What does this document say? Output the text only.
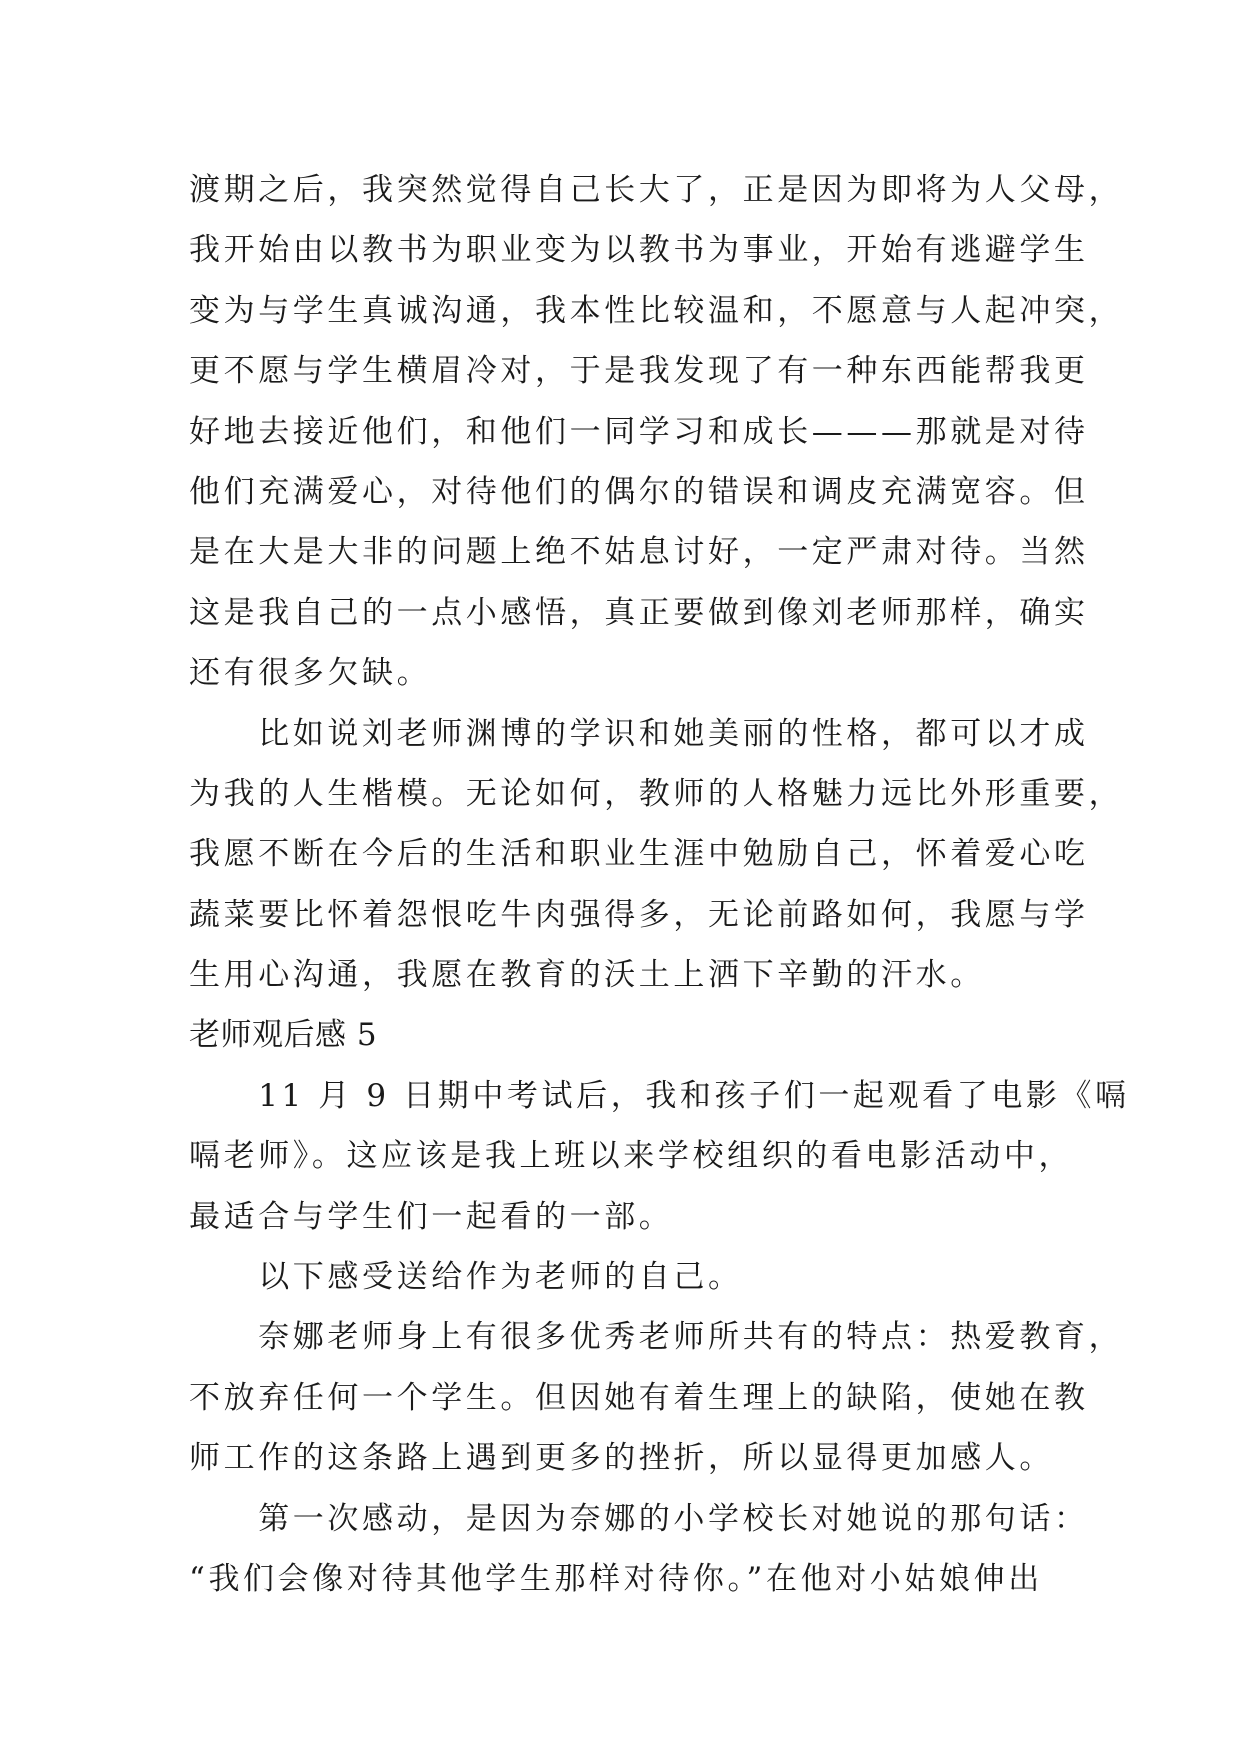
渡期之后，我突然觉得自己长大了，正是因为即将为人父母，
我开始由以教书为职业变为以教书为事业，开始有逃避学生
变为与学生真诚沟通，我本性比较温和，不愿意与人起冲突，
更不愿与学生横眉冷对，于是我发现了有一种东西能帮我更
好地去接近他们，和他们一同学习和成长———那就是对待
他们充满爱心，对待他们的偶尔的错误和调皮充满宽容。但
是在大是大非的问题上绝不姑息讨好，一定严肃对待。当然
这是我自己的一点小感悟，真正要做到像刘老师那样，确实
还有很多欠缺。
　　比如说刘老师渊博的学识和她美丽的性格，都可以才成
为我的人生楷模。无论如何，教师的人格魅力远比外形重要，
我愿不断在今后的生活和职业生涯中勉励自己，怀着爱心吃
蔬菜要比怀着怨恨吃牛肉强得多，无论前路如何，我愿与学
生用心沟通，我愿在教育的沃土上洒下辛勤的汗水。
老师观后感 5
　　11 月 9 日期中考试后，我和孩子们一起观看了电影《嗝
嗝老师》。这应该是我上班以来学校组织的看电影活动中，
最适合与学生们一起看的一部。
　　以下感受送给作为老师的自己。
　　奈娜老师身上有很多优秀老师所共有的特点：热爱教育，
不放弃任何一个学生。但因她有着生理上的缺陷，使她在教
师工作的这条路上遇到更多的挫折，所以显得更加感人。
　　第一次感动，是因为奈娜的小学校长对她说的那句话：
“我们会像对待其他学生那样对待你。”在他对小姑娘伸出
